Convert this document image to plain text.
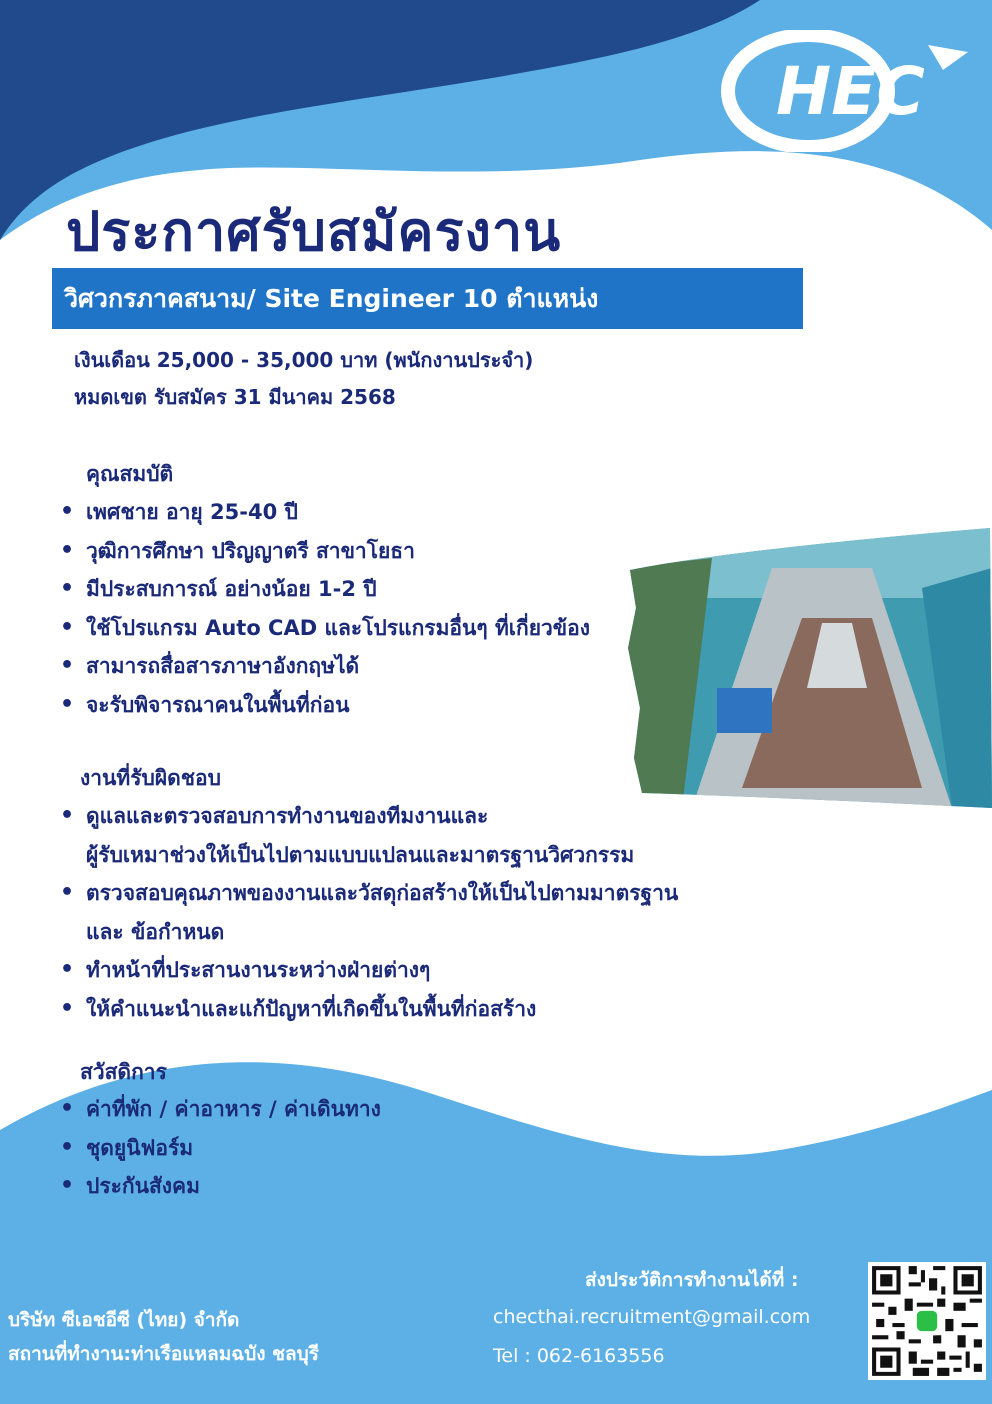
HEC
ประกาศรับสมัครงาน
วิศวกรภาคสนาม/ Site Engineer 10 ตำแหน่ง
เงินเดือน 25,000 - 35,000 บาท (พนักงานประจำ)
หมดเขต รับสมัคร 31 มีนาคม 2568
คุณสมบัติ
• เพศชาย อายุ 25-40 ปี
• วุฒิการศึกษา ปริญญาตรี สาขาโยธา
• มีประสบการณ์ อย่างน้อย 1-2 ปี
• ใช้โปรแกรม Auto CAD และโปรแกรมอื่นๆ ที่เกี่ยวข้อง
• สามารถสื่อสารภาษาอังกฤษได้
• จะรับพิจารณาคนในพื้นที่ก่อน
งานที่รับผิดชอบ
• ดูแลและตรวจสอบการทำงานของทีมงานและ
ผู้รับเหมาช่วงให้เป็นไปตามแบบแปลนและมาตรฐานวิศวกรรม
• ตรวจสอบคุณภาพของงานและวัสดุก่อสร้างให้เป็นไปตามมาตรฐาน
และ ข้อกำหนด
• ทำหน้าที่ประสานงานระหว่างฝ่ายต่างๆ
• ให้คำแนะนำและแก้ปัญหาที่เกิดขึ้นในพื้นที่ก่อสร้าง
สวัสดิการ
• ค่าที่พัก / ค่าอาหาร / ค่าเดินทาง
• ชุดยูนิฟอร์ม
• ประกันสังคม
บริษัท ซีเอชอีซี (ไทย) จำกัด
สถานที่ทำงาน:ท่าเรือแหลมฉบัง ชลบุรี
ส่งประวัติการทำงานได้ที่ :
checthai.recruitment@gmail.com
Tel : 062-6163556
